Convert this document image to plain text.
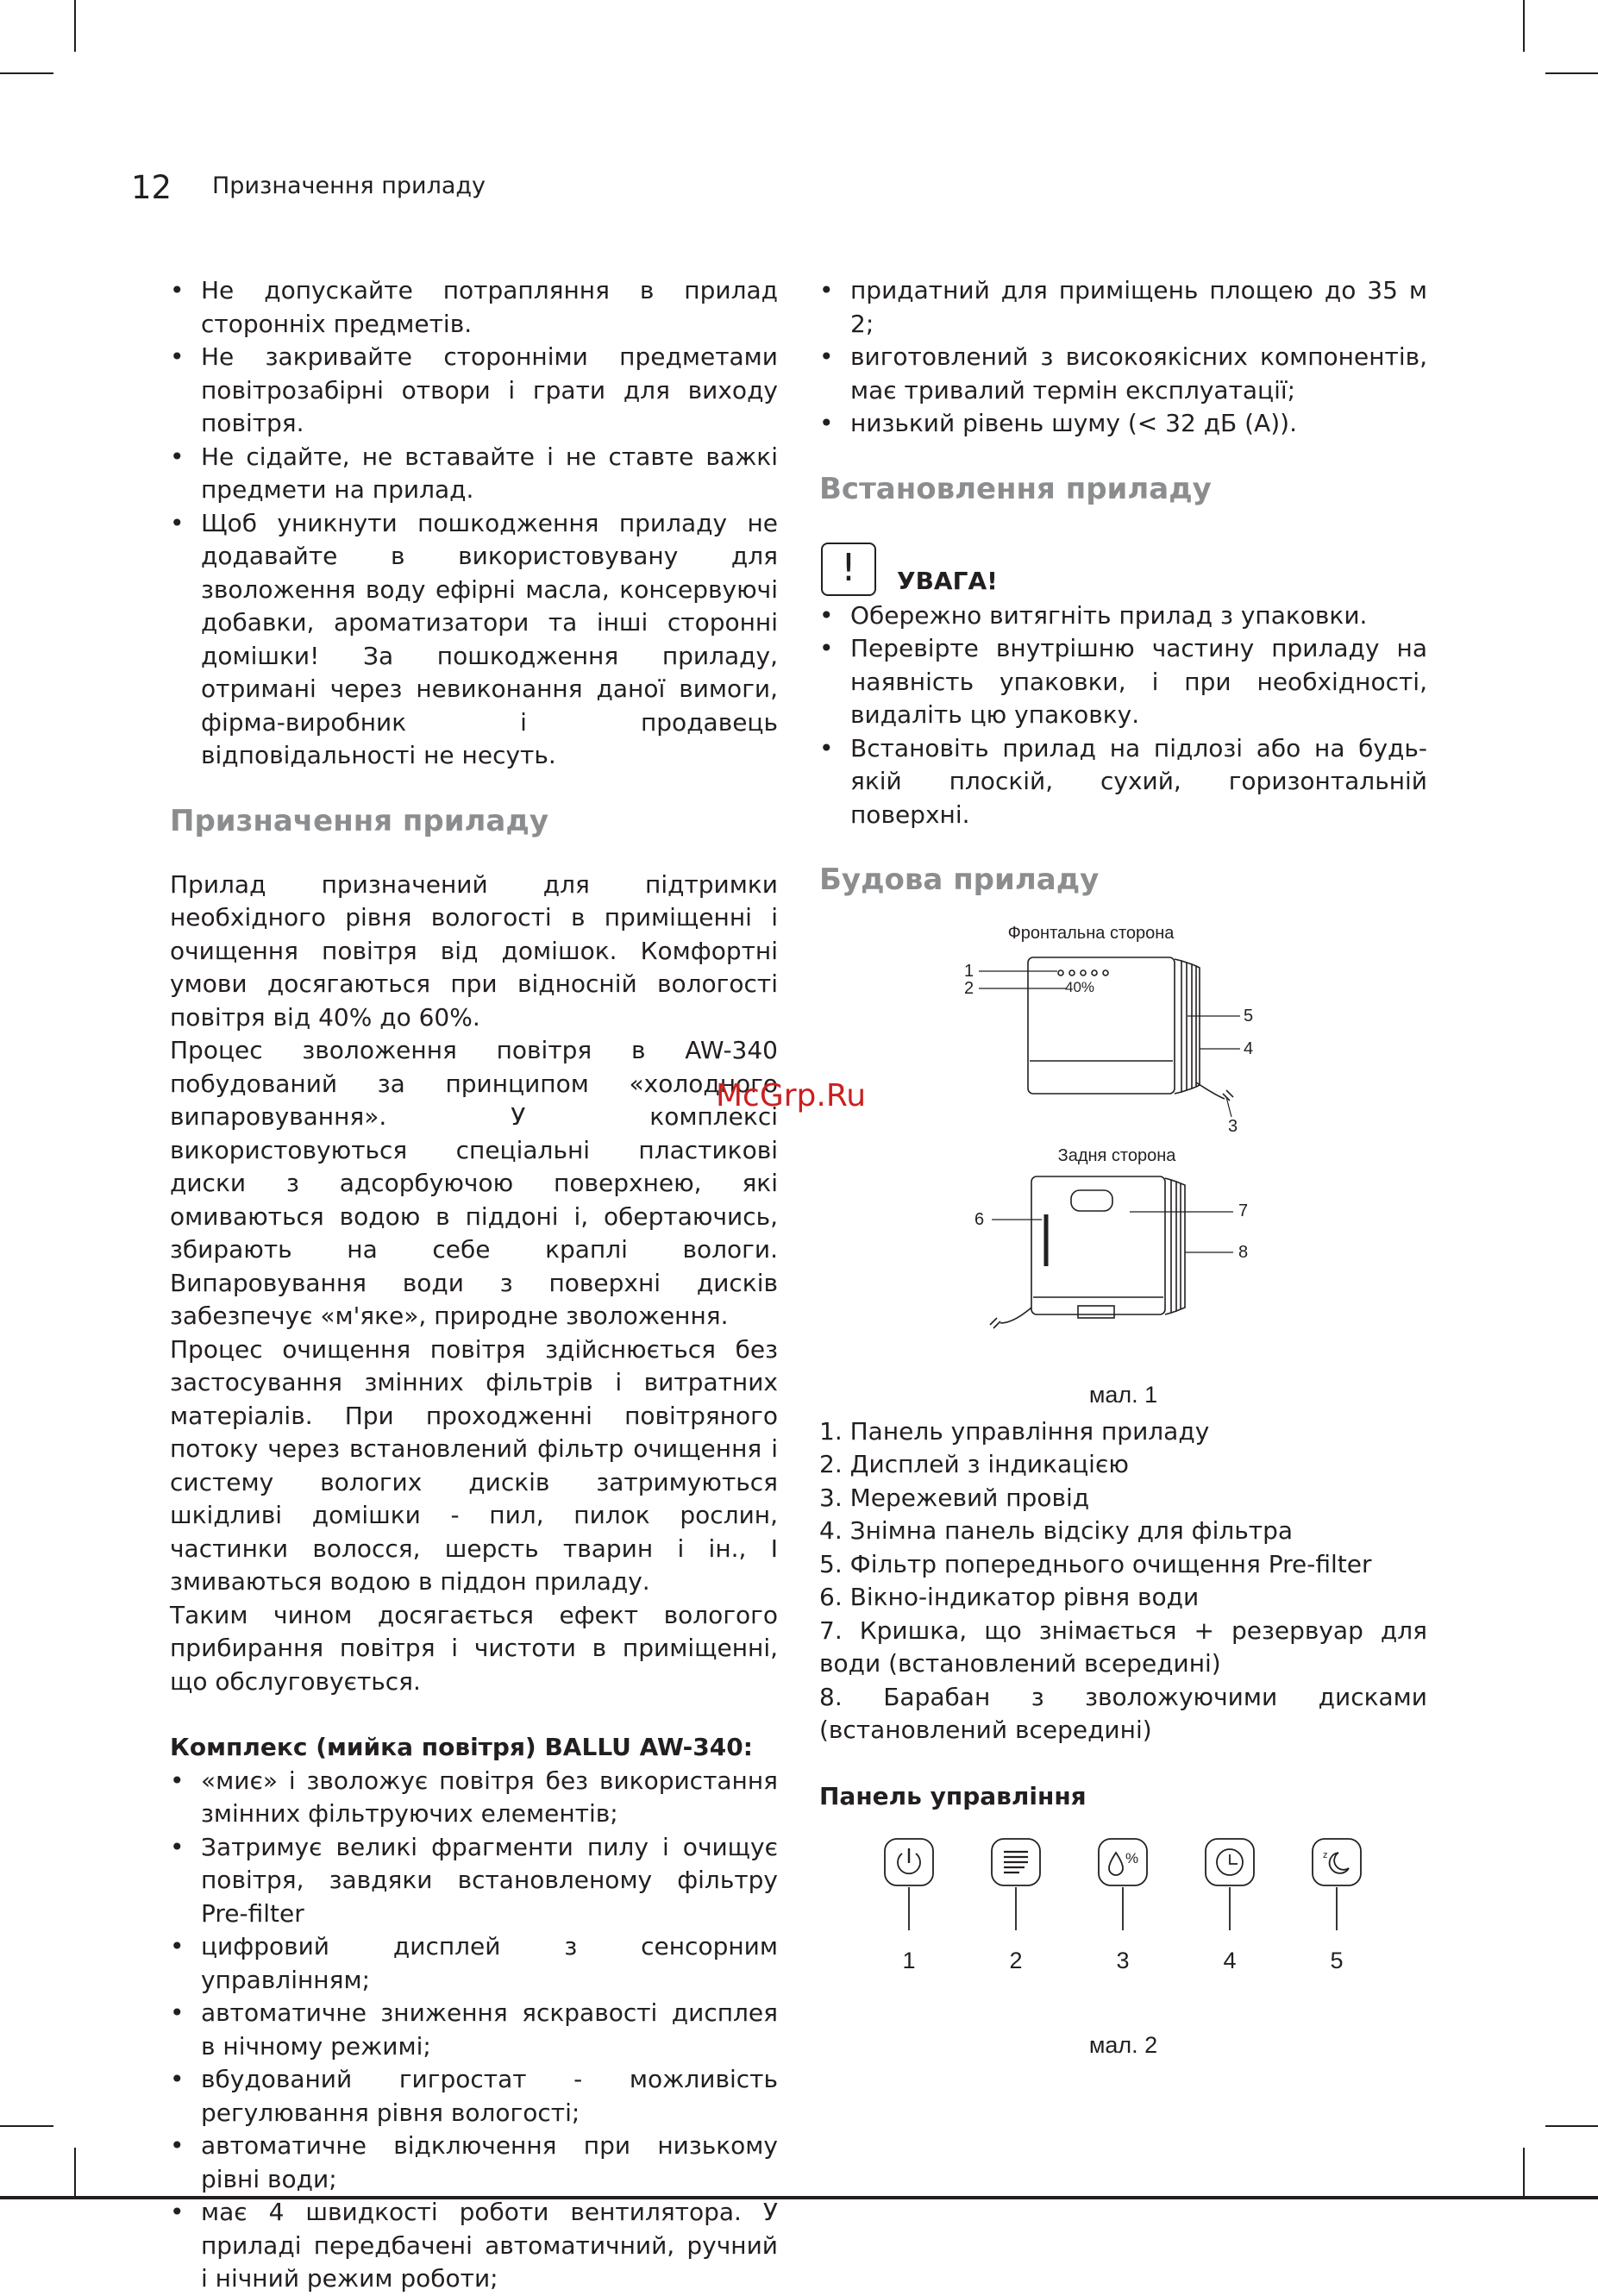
12 Призначення приладу
• Не допускайте потрапляння в прилад сторонніх предметів.
• Не закривайте сторонніми предметами повітрозабірні отвори і грати для виходу повітря.
• Не сідайте, не вставайте і не ставте важкі предмети на прилад.
• Щоб уникнути пошкодження приладу не додавайте в використовувану для зволоження воду ефірні масла, консервуючі добавки, ароматизатори та інші сторонні домішки! За пошкодження приладу, отримані через невиконання даної вимоги, фірма-виробник і продавець відповідальності не несуть.
Призначення приладу

Прилад призначений для підтримки необхідного рівня вологості в приміщенні і очищення повітря від домішок. Комфортні умови досягаються при відносній вологості повітря від 40% до 60%.

Процес зволоження повітря в AW-340 побудований за принципом «холодного випаровування». У комплексі використовуються спеціальні пластикові диски з адсорбуючою поверхнею, які омиваються водою в піддоні і, обертаючись, збирають на себе краплі вологи. Випаровування води з поверхні дисків забезпечує «м'яке», природне зволоження.

Процес очищення повітря здійснюється без застосування змінних фільтрів і витратних матеріалів. При проходженні повітряного потоку через встановлений фільтр очищення і систему вологих дисків затримуються шкідливі домішки - пил, пилок рослин, частинки волосся, шерсть тварин і ін., І змиваються водою в піддон приладу.

Таким чином досягається ефект вологого прибирання повітря і чистоти в приміщенні, що обслуговується.

Комплекс (мийка повітря) BALLU AW-340:
• «миє» і зволожує повітря без використання змінних фільтруючих елементів;
• Затримує великі фрагменти пилу і очищує повітря, завдяки встановленому фільтру Pre-filter
• цифровий дисплей з сенсорним управлінням;
• автоматичне зниження яскравості дисплея в нічному режимі;
• вбудований гигростат - можливість регулювання рівня вологості;
• автоматичне відключення при низькому рівні води;
• має 4 швидкості роботи вентилятора. У приладі передбачені автоматичний, ручний і нічний режим роботи;
• придатний для приміщень площею до 35 м 2;
• виготовлений з високоякісних компонентів, має тривалий термін експлуатації;
• низький рівень шуму (< 32 дБ (А)).
Встановлення приладу
!	УВАГА!
• Обережно витягніть прилад з упаковки.
• Перевірте внутрішню частину приладу на наявність упаковки, і при необхідності, видаліть цю упаковку.
• Встановіть прилад на підлозі або на будь-якій плоскій, сухий, горизонтальній поверхні.
Будова приладу
Фронтальна сторона
40%
1
2
3
4
5
Задня сторона
6	7
8
мал. 1
1. Панель управління приладу
2. Дисплей з індикацією
3. Мережевий провід
4. Знімна панель відсіку для фільтра
5. Фільтр попереднього очищення Pre-filter
6. Вікно-індикатор рівня води
7. Кришка, що знімається + резервуар для води (встановлений всередині)
8. Барабан з зволожуючими дисками (встановлений всередині)
Панель управління
%	z
1	2	3	4	5
мал. 2
McGrp.Ru
